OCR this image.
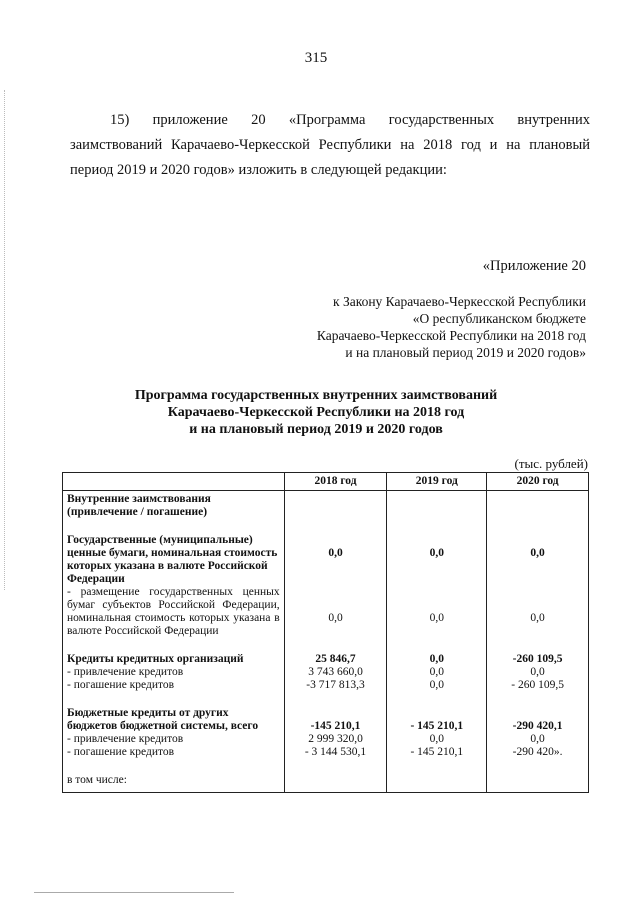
315

15) приложение 20 «Программа государственных внутренних

заимствований Карачаево-Черкесской Республики на 2018 год и на плановый

период 2019 и 2020 годов» изложить в следующей редакции:

«Приложение 20
к Закону Карачаево-Черкесской Республики
«О республиканском бюджете
Карачаево-Черкесской Республики на 2018 год
и на плановый период 2019 и 2020 годов»
Программа государственных внутренних заимствований
Карачаево-Черкесской Республики на 2018 год
и на плановый период 2019 и 2020 годов
(тыс. рублей)
	2018 год	2019 год	2020 год
Внутренние заимствования (привлечение / погашение)			

Государственные (муниципальные) ценные бумаги, номинальная стоимость которых указана в валюте Российской Федерации	0,0	0,0	0,0
- размещение государственных ценных бумаг субъектов Российской Федерации, номинальная стоимость которых указана в валюте Российской Федерации	0,0	0,0	0,0

Кредиты кредитных организаций	25 846,7	0,0	-260 109,5
- привлечение кредитов	3 743 660,0	0,0	0,0
- погашение кредитов	-3 717 813,3	0,0	- 260 109,5

Бюджетные кредиты от других бюджетов бюджетной системы, всего	-145 210,1	- 145 210,1	-290 420,1
- привлечение кредитов	2 999 320,0	0,0	0,0
- погашение кредитов	- 3 144 530,1	- 145 210,1	-290 420».

в том числе:			
